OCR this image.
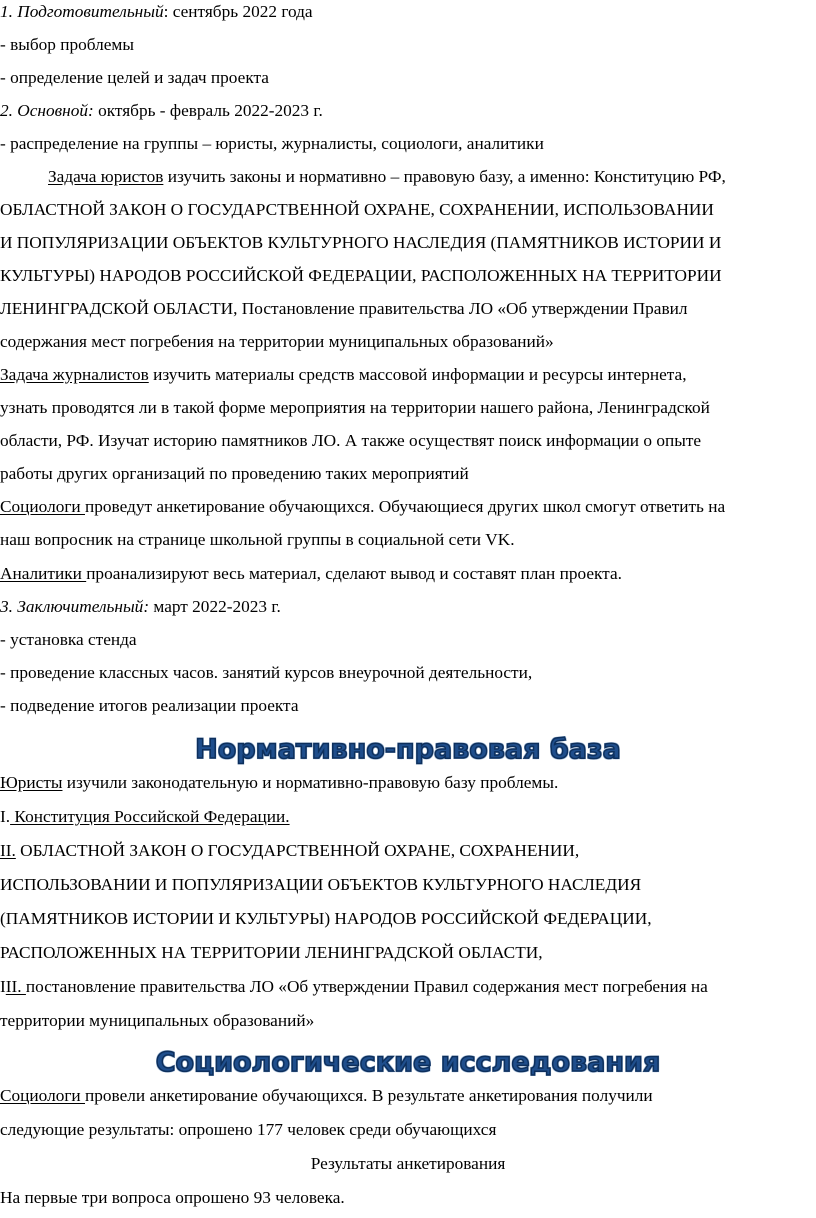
1. Подготовительный: сентябрь 2022 года
- выбор проблемы
- определение целей и задач проекта
2. Основной: октябрь - февраль 2022-2023 г.
- распределение на группы – юристы, журналисты, социологи, аналитики
Задача юристов изучить законы и нормативно – правовую базу, а именно: Конституцию РФ,
ОБЛАСТНОЙ ЗАКОН О ГОСУДАРСТВЕННОЙ ОХРАНЕ, СОХРАНЕНИИ, ИСПОЛЬЗОВАНИИ
И ПОПУЛЯРИЗАЦИИ ОБЪЕКТОВ КУЛЬТУРНОГО НАСЛЕДИЯ (ПАМЯТНИКОВ ИСТОРИИ И
КУЛЬТУРЫ) НАРОДОВ РОССИЙСКОЙ ФЕДЕРАЦИИ, РАСПОЛОЖЕННЫХ НА ТЕРРИТОРИИ
ЛЕНИНГРАДСКОЙ ОБЛАСТИ, Постановление правительства ЛО «Об утверждении Правил
содержания мест погребения на территории муниципальных образований»
Задача журналистов изучить материалы средств массовой информации и ресурсы интернета,
узнать проводятся ли в такой форме мероприятия на территории нашего района, Ленинградской
области, РФ. Изучат историю памятников ЛО. А также осуществят поиск информации о опыте
работы других организаций по проведению таких мероприятий
Социологи проведут анкетирование обучающихся. Обучающиеся других школ смогут ответить на
наш вопросник на странице школьной группы в социальной сети VK.
Аналитики проанализируют весь материал, сделают вывод и составят план проекта.
3. Заключительный: март 2022-2023 г.
- установка стенда
- проведение классных часов. занятий курсов внеурочной деятельности,
- подведение итогов реализации проекта
Нормативно-правовая база
Юристы изучили законодательную и нормативно-правовую базу проблемы.
I. Конституция Российской Федерации.
II. ОБЛАСТНОЙ ЗАКОН О ГОСУДАРСТВЕННОЙ ОХРАНЕ, СОХРАНЕНИИ,
ИСПОЛЬЗОВАНИИ И ПОПУЛЯРИЗАЦИИ ОБЪЕКТОВ КУЛЬТУРНОГО НАСЛЕДИЯ
(ПАМЯТНИКОВ ИСТОРИИ И КУЛЬТУРЫ) НАРОДОВ РОССИЙСКОЙ ФЕДЕРАЦИИ,
РАСПОЛОЖЕННЫХ НА ТЕРРИТОРИИ ЛЕНИНГРАДСКОЙ ОБЛАСТИ,
III. постановление правительства ЛО «Об утверждении Правил содержания мест погребения на
территории муниципальных образований»
Социологические исследования
Социологи провели анкетирование обучающихся. В результате анкетирования получили
следующие результаты: опрошено 177 человек среди обучающихся
Результаты анкетирования
На первые три вопроса опрошено 93 человека.
